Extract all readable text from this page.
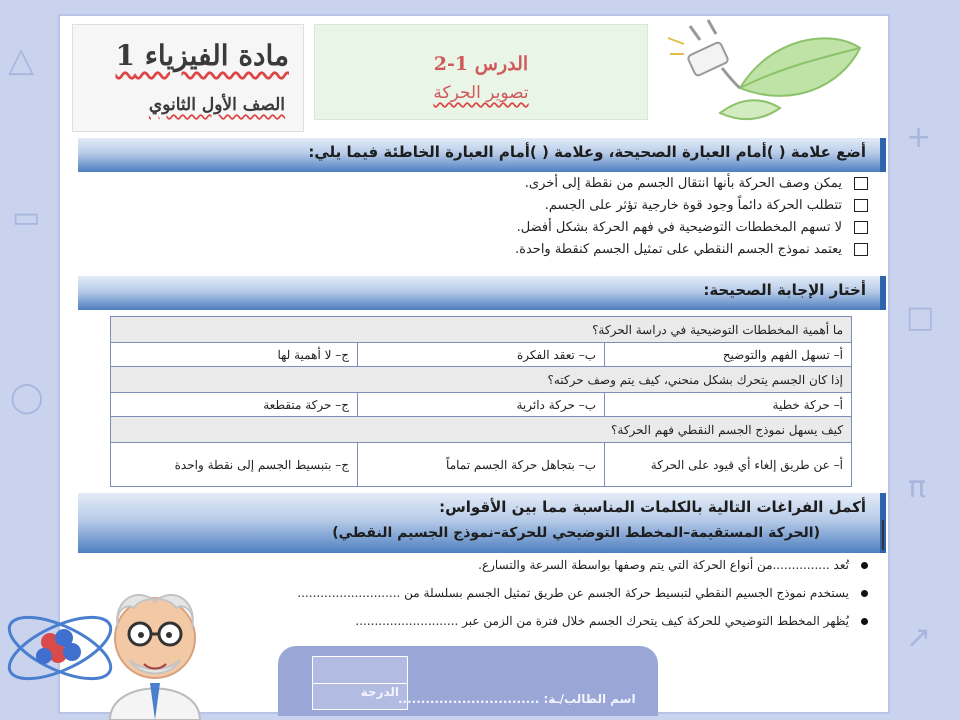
△
▭
◯
+
□
π
↗
مادة الفيزياء 1
الصف الأول الثانوي
الدرس 1-2
تصوير الحركة
أضع علامة ( )أمام العبارة الصحيحة، وعلامة ( )أمام العبارة الخاطئة فيما يلي:
يمكن وصف الحركة بأنها انتقال الجسم من نقطة إلى أخرى.
تتطلب الحركة دائماً وجود قوة خارجية تؤثر على الجسم.
لا تسهم المخططات التوضيحية في فهم الحركة بشكل أفضل.
يعتمد نموذج الجسم النقطي على تمثيل الجسم كنقطة واحدة.
أختار الإجابة الصحيحة:
ما أهمية المخططات التوضيحية في دراسة الحركة؟		
أ– تسهل الفهم والتوضيح	ب– تعقد الفكرة	ج– لا أهمية لها
إذا كان الجسم يتحرك بشكل منحني، كيف يتم وصف حركته؟		
أ– حركة خطية	ب– حركة دائرية	ج– حركة متقطعة
كيف يسهل نموذج الجسم النقطي فهم الحركة؟		
أ– عن طريق إلغاء أي قيود على الحركة	ب– بتجاهل حركة الجسم تماماً	ج– بتبسيط الجسم إلى نقطة واحدة
أكمل الفراغات التالية بالكلمات المناسبة مما بين الأقواس:
(الحركة المستقيمة–المخطط التوضيحي للحركة–نموذج الجسيم النقطي)
تُعد ...............من أنواع الحركة التي يتم وصفها بواسطة السرعة والتسارع.
يستخدم نموذج الجسيم النقطي لتبسيط حركة الجسم عن طريق تمثيل الجسم بسلسلة من ...........................
يُظهر المخطط التوضيحي للحركة كيف يتحرك الجسم خلال فترة من الزمن عبر ...........................
الدرجة اسم الطالب/ـة: ...............................
